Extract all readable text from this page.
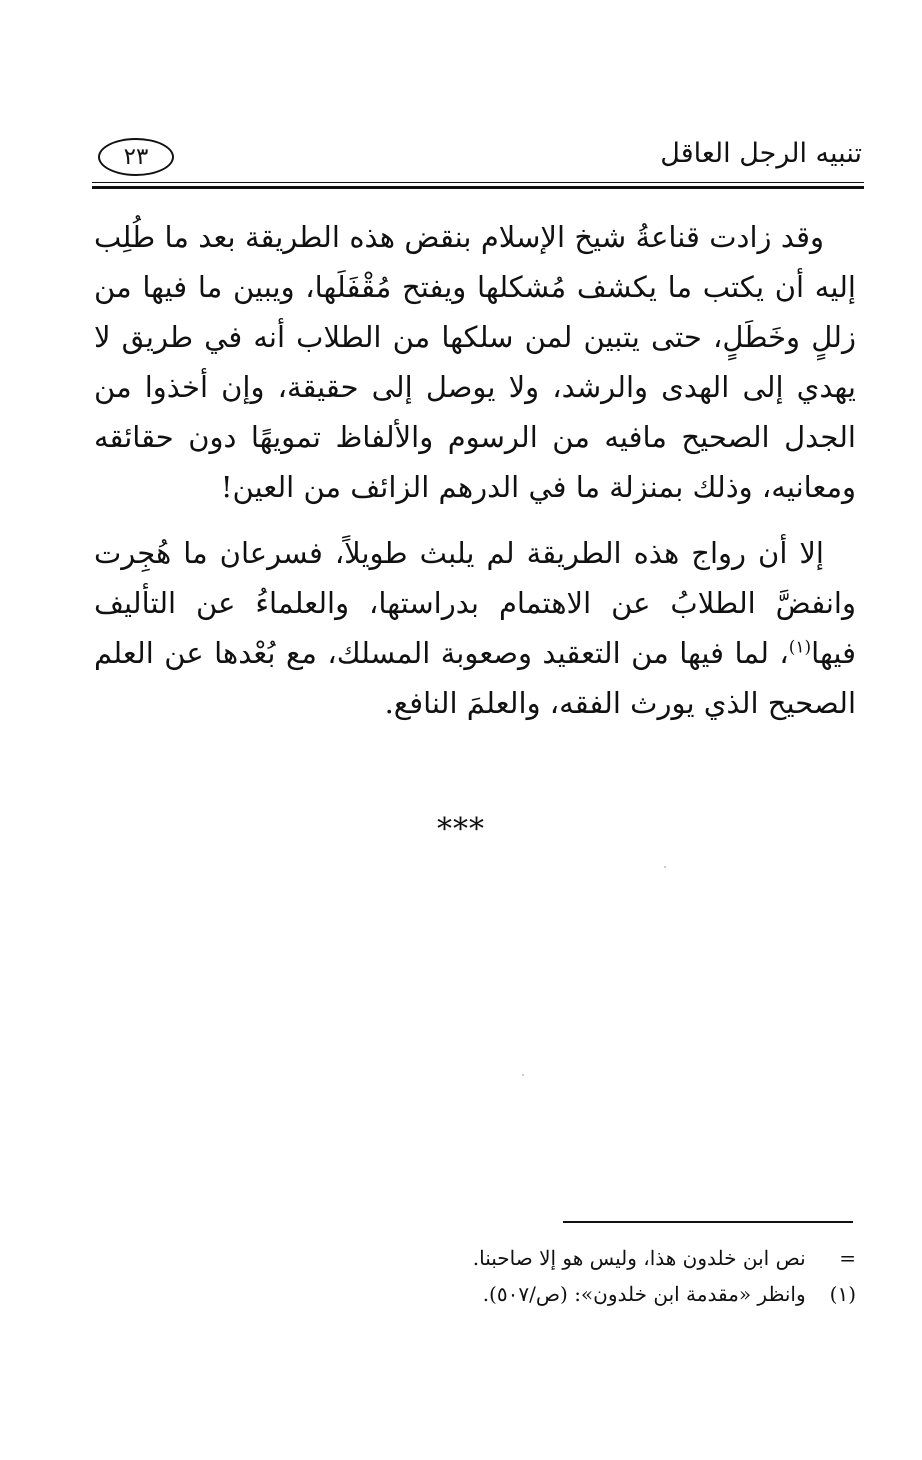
تنبيه الرجل العاقل
٢٣

وقد زادت قناعةُ شيخ الإسلام بنقض هذه الطريقة بعد ما طُلِب إليه أن يكتب ما يكشف مُشكلها ويفتح مُقْفَلَها، ويبين ما فيها من زللٍ وخَطَلٍ، حتى يتبين لمن سلكها من الطلاب أنه في طريق لا يهدي إلى الهدى والرشد، ولا يوصل إلى حقيقة، وإن أخذوا من الجدل الصحيح مافيه من الرسوم والألفاظ تمويهًا دون حقائقه ومعانيه، وذلك بمنزلة ما في الدرهم الزائف من العين!

إلا أن رواج هذه الطريقة لم يلبث طويلاً، فسرعان ما هُجِرت وانفضَّ الطلابُ عن الاهتمام بدراستها، والعلماءُ عن التأليف فيها$^{(١)}$، لما فيها من التعقيد وصعوبة المسلك، مع بُعْدها عن العلم الصحيح الذي يورث الفقه، والعلمَ النافع.

***
= نص ابن خلدون هذا، وليس هو إلا صاحبنا.
(١) وانظر «مقدمة ابن خلدون»: (ص/٥٠٧).
